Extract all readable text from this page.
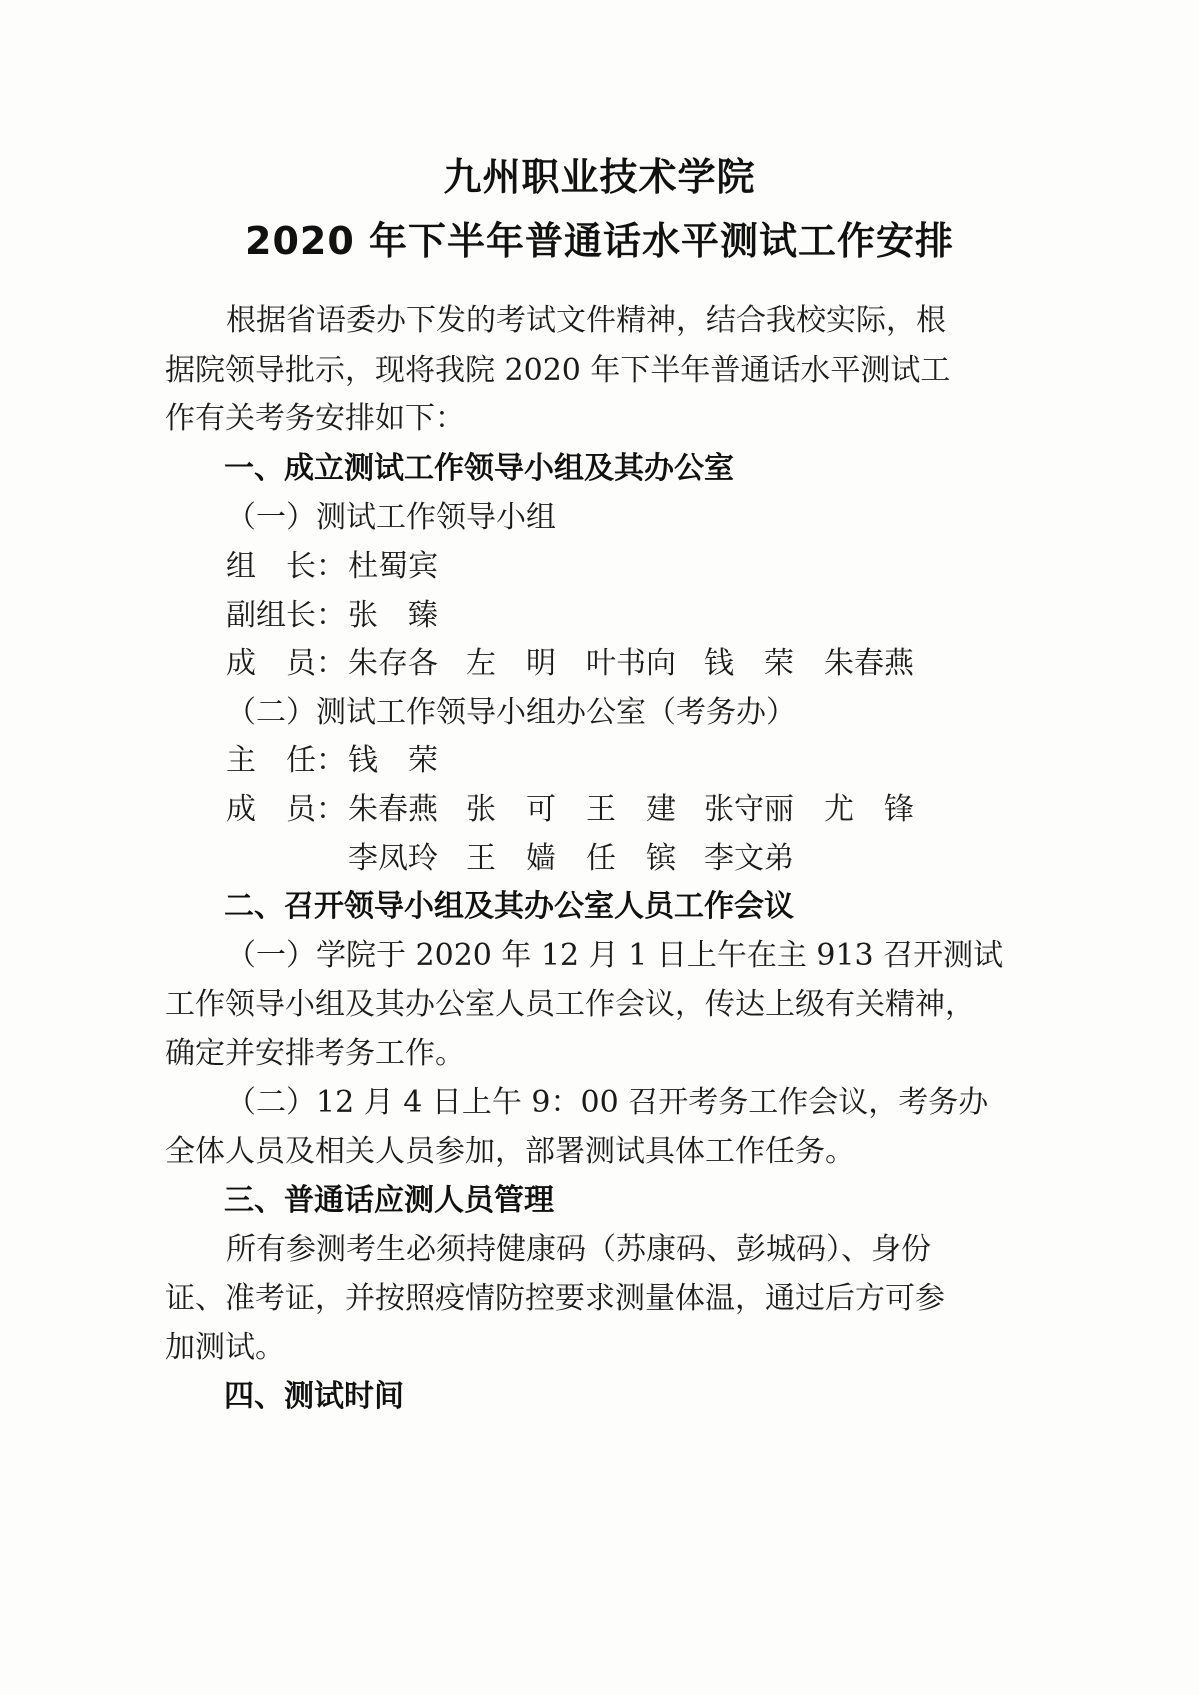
九州职业技术学院
2020 年下半年普通话水平测试工作安排
根据省语委办下发的考试文件精神，结合我校实际，根
据院领导批示，现将我院 2020 年下半年普通话水平测试工
作有关考务安排如下：
一、成立测试工作领导小组及其办公室
（一）测试工作领导小组
组　长： 杜蜀宾
副组长： 张　臻
成　员： 朱存各 左　明 叶书向 钱　荣 朱春燕
（二）测试工作领导小组办公室（考务办）
主　任： 钱　荣
成　员： 朱春燕 张　可 王　建 张守丽 尤　锋
李凤玲 王　嫱 任　镔 李文弟
二、召开领导小组及其办公室人员工作会议
（一）学院于 2020 年 12 月 1 日上午在主 913 召开测试
工作领导小组及其办公室人员工作会议，传达上级有关精神，
确定并安排考务工作。
（二）12 月 4 日上午 9：00 召开考务工作会议，考务办
全体人员及相关人员参加，部署测试具体工作任务。
三、普通话应测人员管理
所有参测考生必须持健康码（苏康码、彭城码）、身份
证、准考证，并按照疫情防控要求测量体温，通过后方可参
加测试。
四、测试时间
